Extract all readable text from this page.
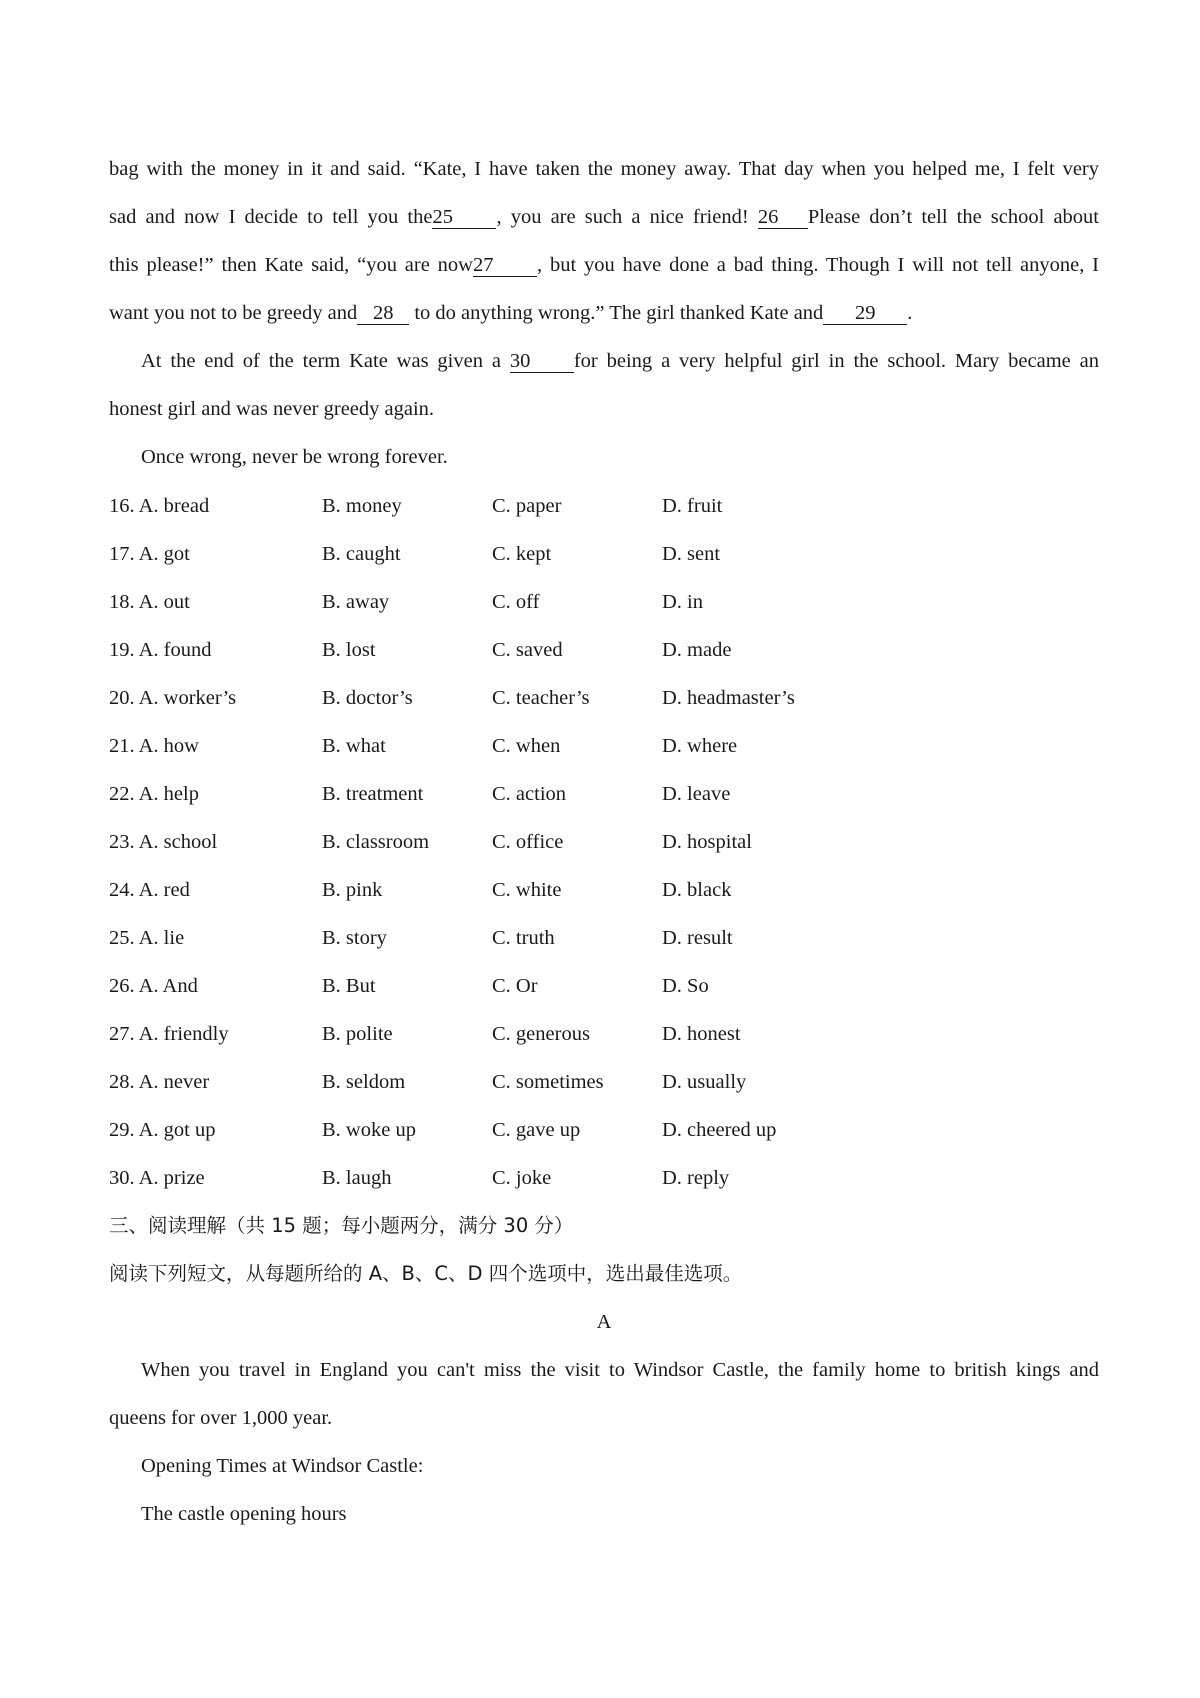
bag with the money in it and said. “Kate, I have taken the money away. That day when you helped me, I felt very
sad and now I decide to tell you the25 , you are such a nice friend! 26 Please don’t tell the school about
this please!” then Kate said, “you are now27 , but you have done a bad thing. Though I will not tell anyone, I
want you not to be greedy and 28 to do anything wrong.” The girl thanked Kate and 29 .
At the end of the term Kate was given a 30 for being a very helpful girl in the school. Mary became an
honest girl and was never greedy again.
Once wrong, never be wrong forever.
16. A. bread	B. money	C. paper	D. fruit
17. A. got	B. caught	C. kept	D. sent
18. A. out	B. away	C. off	D. in
19. A. found	B. lost	C. saved	D. made
20. A. worker’s	B. doctor’s	C. teacher’s	D. headmaster’s
21. A. how	B. what	C. when	D. where
22. A. help	B. treatment	C. action	D. leave
23. A. school	B. classroom	C. office	D. hospital
24. A. red	B. pink	C. white	D. black
25. A. lie	B. story	C. truth	D. result
26. A. And	B. But	C. Or	D. So
27. A. friendly	B. polite	C. generous	D. honest
28. A. never	B. seldom	C. sometimes	D. usually
29. A. got up	B. woke up	C. gave up	D. cheered up
30. A. prize	B. laugh	C. joke	D. reply
三、阅读理解（共 15 题；每小题两分，满分 30 分）
阅读下列短文，从每题所给的 A、B、C、D 四个选项中，选出最佳选项。
A
When you travel in England you can't miss the visit to Windsor Castle, the family home to british kings and
queens for over 1,000 year.
Opening Times at Windsor Castle:
The castle opening hours
